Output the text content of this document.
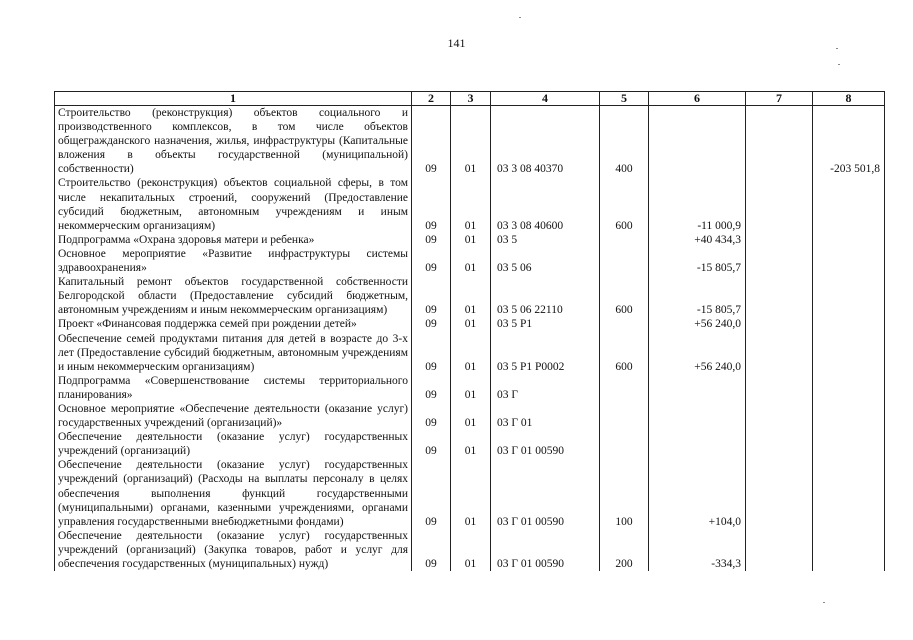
141
1	2	3	4	5	6	7	8
Строительство (реконструкция) объектов социального и производственного комплексов, в том числе объектов общегражданского назначения, жилья, инфраструктуры (Капитальные вложения в объекты государственной (муниципальной) собственности)	09	01	03 3 08 40370	400			-203 501,8
Строительство (реконструкция) объектов социальной сферы, в том числе некапитальных строений, сооружений (Предоставление субсидий бюджетным, автономным учреждениям и иным некоммерческим организациям)	09	01	03 3 08 40600	600	-11 000,9		
Подпрограмма «Охрана здоровья матери и ребенка»	09	01	03 5		+40 434,3		
Основное мероприятие «Развитие инфраструктуры системы здравоохранения»	09	01	03 5 06		-15 805,7		
Капитальный ремонт объектов государственной собственности Белгородской области (Предоставление субсидий бюджетным, автономным учреждениям и иным некоммерческим организациям)	09	01	03 5 06 22110	600	-15 805,7		
Проект «Финансовая поддержка семей при рождении детей»	09	01	03 5 P1		+56 240,0		
Обеспечение семей продуктами питания для детей в возрасте до 3-х лет (Предоставление субсидий бюджетным, автономным учреждениям и иным некоммерческим организациям)	09	01	03 5 P1 P0002	600	+56 240,0		
Подпрограмма «Совершенствование системы территориального планирования»	09	01	03 Г				
Основное мероприятие «Обеспечение деятельности (оказание услуг) государственных учреждений (организаций)»	09	01	03 Г 01				
Обеспечение деятельности (оказание услуг) государственных учреждений (организаций)	09	01	03 Г 01 00590				
Обеспечение деятельности (оказание услуг) государственных учреждений (организаций) (Расходы на выплаты персоналу в целях обеспечения выполнения функций государственными (муниципальными) органами, казенными учреждениями, органами управления государственными внебюджетными фондами)	09	01	03 Г 01 00590	100	+104,0		
Обеспечение деятельности (оказание услуг) государственных учреждений (организаций) (Закупка товаров, работ и услуг для обеспечения государственных (муниципальных) нужд)	09	01	03 Г 01 00590	200	-334,3		
